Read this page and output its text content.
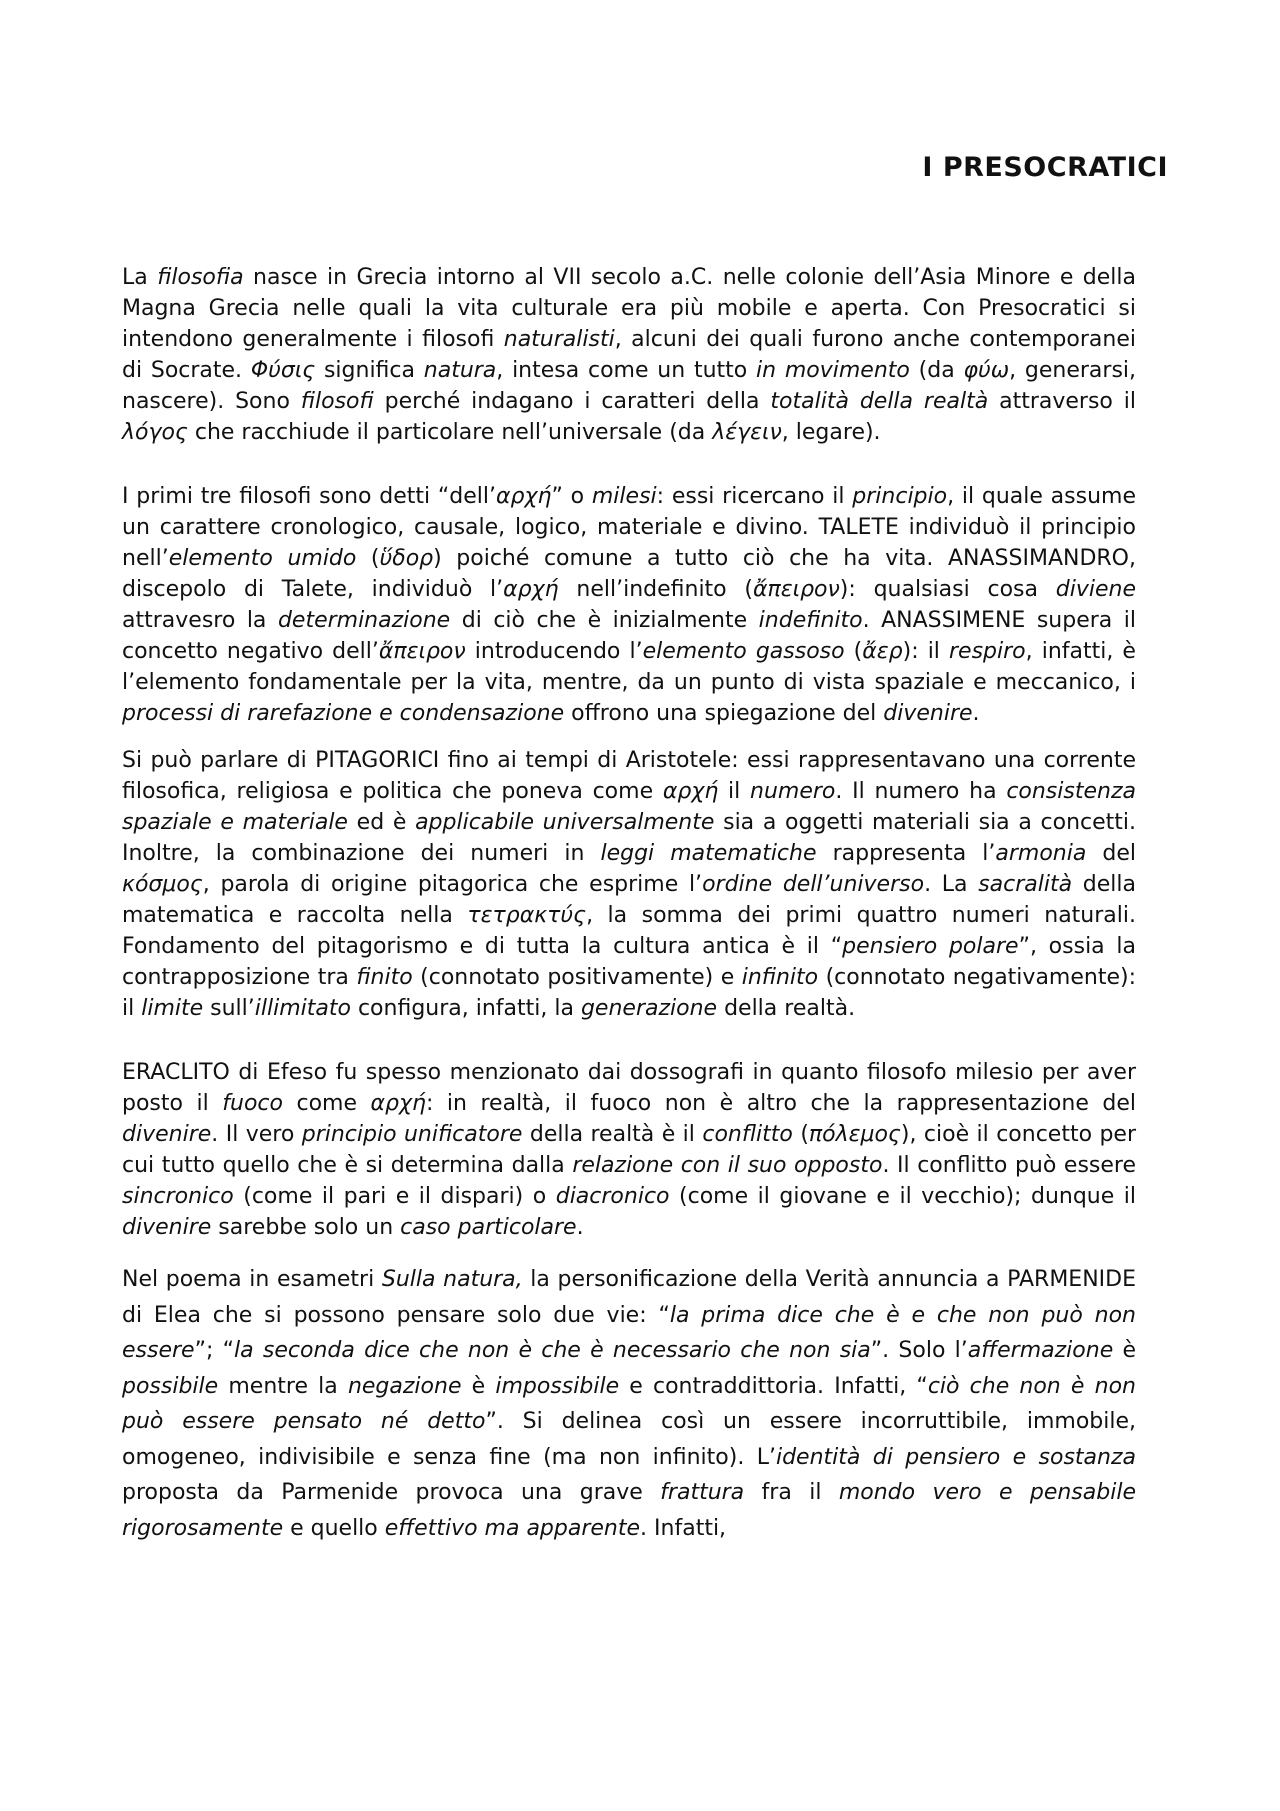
I PRESOCRATICI

La filosofia nasce in Grecia intorno al VII secolo a.C. nelle colonie dell’Asia Minore e della Magna Grecia nelle quali la vita culturale era più mobile e aperta. Con Presocratici si intendono generalmente i filosofi naturalisti, alcuni dei quali furono anche contemporanei di Socrate. Φύσις significa natura, intesa come un tutto in movimento (da φύω, generarsi, nascere). Sono filosofi perché indagano i caratteri della totalità della realtà attraverso il λόγος che racchiude il particolare nell’universale (da λέγειν, legare).

I primi tre filosofi sono detti “dell’αρχή” o milesi: essi ricercano il principio, il quale assume un carattere cronologico, causale, logico, materiale e divino. TALETE individuò il principio nell’elemento umido (ὕδορ) poiché comune a tutto ciò che ha vita. ANASSIMANDRO, discepolo di Talete, individuò l’αρχή nell’indefinito (ἄπειρον): qualsiasi cosa diviene attravesro la determinazione di ciò che è inizialmente indefinito. ANASSIMENE supera il concetto negativo dell’ἄπειρον introducendo l’elemento gassoso (ἄερ): il respiro, infatti, è l’elemento fondamentale per la vita, mentre, da un punto di vista spaziale e meccanico, i processi di rarefazione e condensazione offrono una spiegazione del divenire.

Si può parlare di PITAGORICI fino ai tempi di Aristotele: essi rappresentavano una corrente filosofica, religiosa e politica che poneva come αρχή il numero. Il numero ha consistenza spaziale e materiale ed è applicabile universalmente sia a oggetti materiali sia a concetti. Inoltre, la combinazione dei numeri in leggi matematiche rappresenta l’armonia del κόσμος, parola di origine pitagorica che esprime l’ordine dell’universo. La sacralità della matematica e raccolta nella τετρακτύς, la somma dei primi quattro numeri naturali. Fondamento del pitagorismo e di tutta la cultura antica è il “pensiero polare”, ossia la contrapposizione tra finito (connotato positivamente) e infinito (connotato negativamente): il limite sull’illimitato configura, infatti, la generazione della realtà.

ERACLITO di Efeso fu spesso menzionato dai dossografi in quanto filosofo milesio per aver posto il fuoco come αρχή: in realtà, il fuoco non è altro che la rappresentazione del divenire. Il vero principio unificatore della realtà è il conflitto (πόλεμος), cioè il concetto per cui tutto quello che è si determina dalla relazione con il suo opposto. Il conflitto può essere sincronico (come il pari e il dispari) o diacronico (come il giovane e il vecchio); dunque il divenire sarebbe solo un caso particolare.

Nel poema in esametri Sulla natura, la personificazione della Verità annuncia a PARMENIDE di Elea che si possono pensare solo due vie: “la prima dice che è e che non può non essere”; “la seconda dice che non è che è necessario che non sia”. Solo l’affermazione è possibile mentre la negazione è impossibile e contraddittoria. Infatti, “ciò che non è non può essere pensato né detto”. Si delinea così un essere incorruttibile, immobile, omogeneo, indivisibile e senza fine (ma non infinito). L’identità di pensiero e sostanza proposta da Parmenide provoca una grave frattura fra il mondo vero e pensabile rigorosamente e quello effettivo ma apparente. Infatti,
